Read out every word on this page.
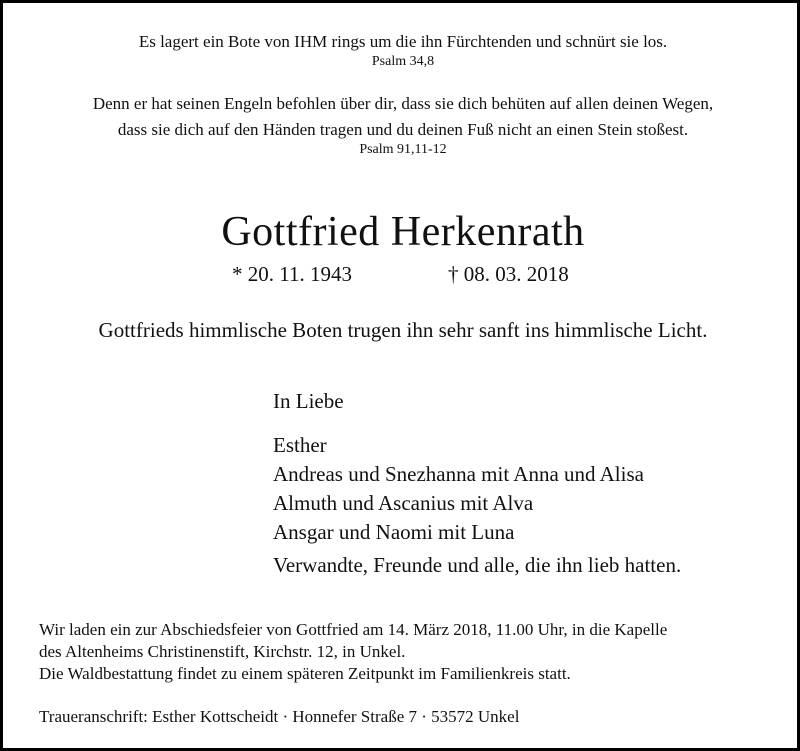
Es lagert ein Bote von IHM rings um die ihn Fürchtenden und schnürt sie los.
Psalm 34,8
Denn er hat seinen Engeln befohlen über dir, dass sie dich behüten auf allen deinen Wegen,
dass sie dich auf den Händen tragen und du deinen Fuß nicht an einen Stein stoßest.
Psalm 91,11-12
Gottfried Herkenrath
* 20. 11. 1943	† 08. 03. 2018
Gottfrieds himmlische Boten trugen ihn sehr sanft ins himmlische Licht.
In Liebe
Esther
Andreas und Snezhanna mit Anna und Alisa
Almuth und Ascanius mit Alva
Ansgar und Naomi mit Luna
Verwandte, Freunde und alle, die ihn lieb hatten.
Wir laden ein zur Abschiedsfeier von Gottfried am 14. März 2018, 11.00 Uhr, in die Kapelle
des Altenheims Christinenstift, Kirchstr. 12, in Unkel.
Die Waldbestattung findet zu einem späteren Zeitpunkt im Familienkreis statt.
Traueranschrift: Esther Kottscheidt · Honnefer Straße 7 · 53572 Unkel
